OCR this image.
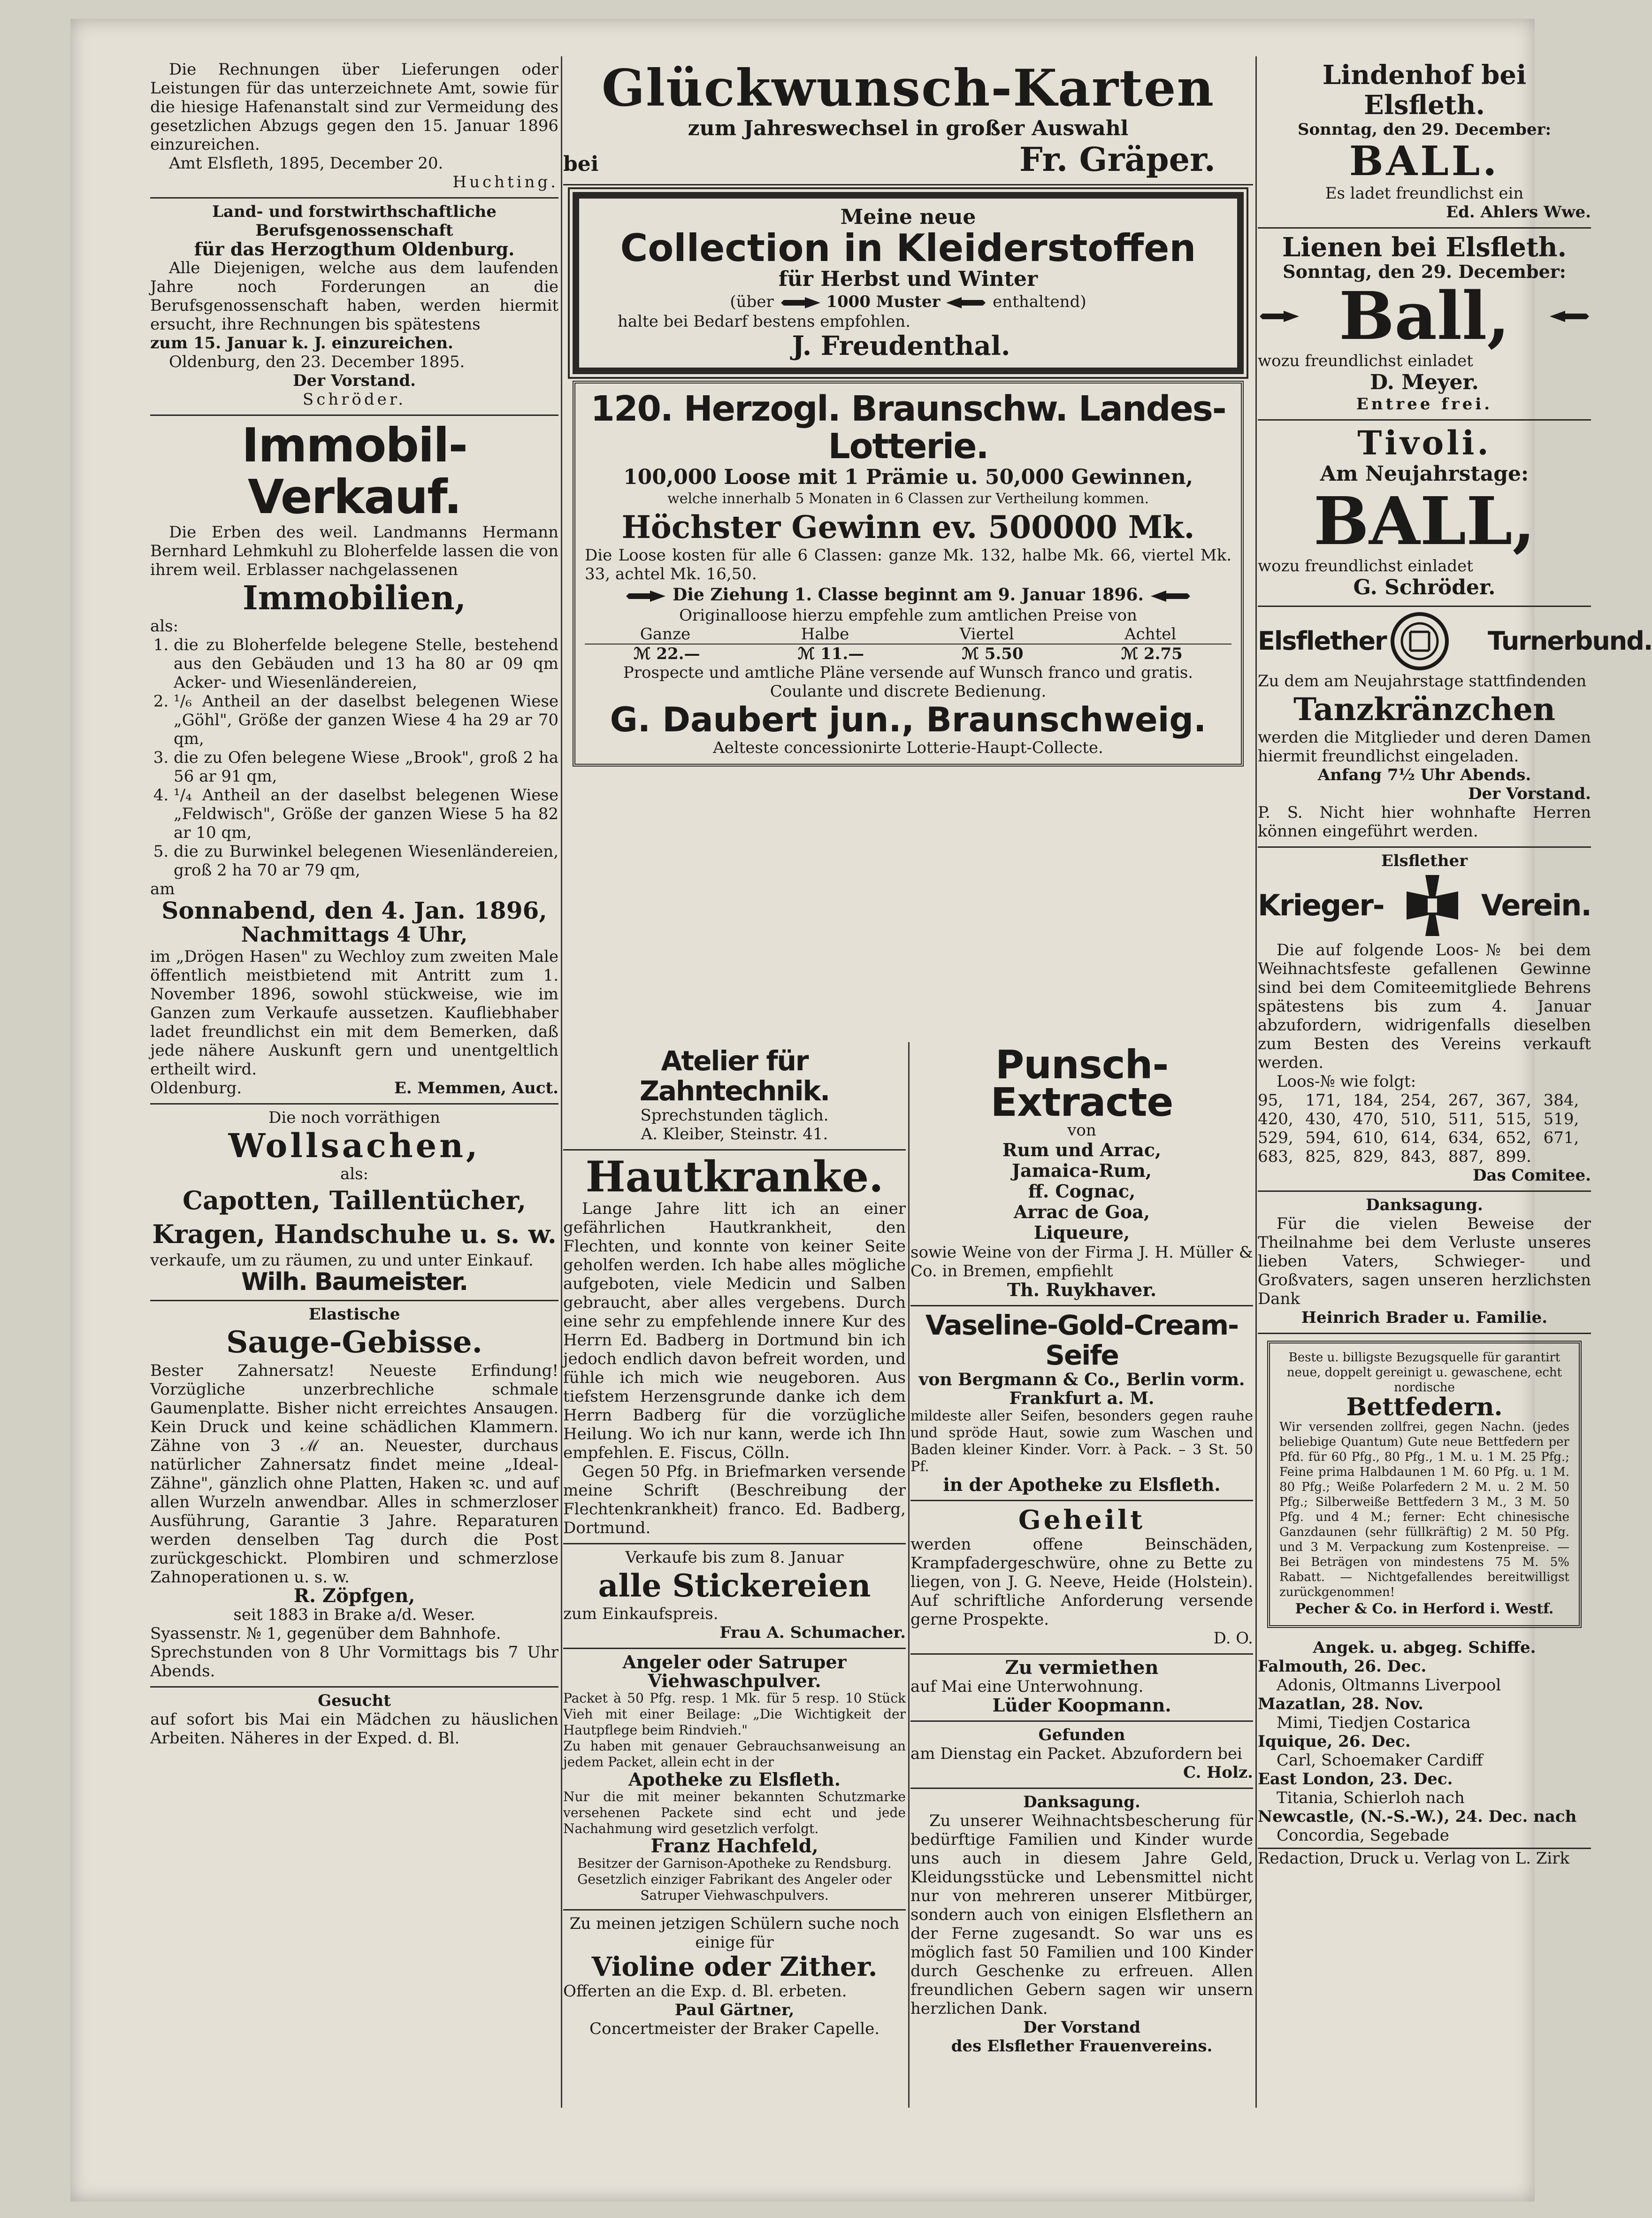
Die Rechnungen über Lieferungen oder Leistungen für das unterzeichnete Amt, sowie für die hiesige Hafenanstalt sind zur Vermeidung des gesetzlichen Abzugs gegen den 15. Januar 1896 einzureichen.

Amt Elsfleth, 1895, December 20.

Huchting.

Land- und forstwirthschaftliche Berufsgenossenschaft

für das Herzogthum Oldenburg.

Alle Diejenigen, welche aus dem laufenden Jahre noch Forderungen an die Berufsgenossenschaft haben, werden hiermit ersucht, ihre Rechnungen bis spätestens

zum 15. Januar k. J. einzureichen.

Oldenburg, den 23. December 1895.

Der Vorstand.

Schröder.

Immobil-Verkauf.

Die Erben des weil. Landmanns Hermann Bernhard Lehmkuhl zu Bloherfelde lassen die von ihrem weil. Erblasser nachgelassenen

Immobilien,

als:

1. die zu Bloherfelde belegene Stelle, bestehend aus den Gebäuden und 13 ha 80 ar 09 qm Acker- und Wiesenländereien,
2. ¹/₆ Antheil an der daselbst belegenen Wiese „Göhl", Größe der ganzen Wiese 4 ha 29 ar 70 qm,
3. die zu Ofen belegene Wiese „Brook", groß 2 ha 56 ar 91 qm,
4. ¹/₄ Antheil an der daselbst belegenen Wiese „Feldwisch", Größe der ganzen Wiese 5 ha 82 ar 10 qm,
5. die zu Burwinkel belegenen Wiesenländereien, groß 2 ha 70 ar 79 qm,

am

Sonnabend, den 4. Jan. 1896,

Nachmittags 4 Uhr,

im „Drögen Hasen" zu Wechloy zum zweiten Male öffentlich meistbietend mit Antritt zum 1. November 1896, sowohl stückweise, wie im Ganzen zum Verkaufe aussetzen. Kaufliebhaber ladet freundlichst ein mit dem Bemerken, daß jede nähere Auskunft gern und unentgeltlich ertheilt wird.

Oldenburg.	E. Memmen, Auct.

Die noch vorräthigen

Wollsachen,

als:

Capotten, Taillentücher, Kragen, Handschuhe u. s. w.

verkaufe, um zu räumen, zu und unter Einkauf.

Wilh. Baumeister.

Elastische

Sauge-Gebisse.

Bester Zahnersatz! Neueste Erfindung! Vorzügliche unzerbrechliche schmale Gaumenplatte. Bisher nicht erreichtes Ansaugen. Kein Druck und keine schädlichen Klammern. Zähne von 3 ℳ an. Neuester, durchaus natürlicher Zahnersatz findet meine „Ideal-Zähne", gänzlich ohne Platten, Haken ꝛc. und auf allen Wurzeln anwendbar. Alles in schmerzloser Ausführung, Garantie 3 Jahre. Reparaturen werden denselben Tag durch die Post zurückgeschickt. Plombiren und schmerzlose Zahnoperationen u. s. w.

R. Zöpfgen,

seit 1883 in Brake a/d. Weser.

Syassenstr. № 1, gegenüber dem Bahnhofe.

Sprechstunden von 8 Uhr Vormittags bis 7 Uhr Abends.

Gesucht

auf sofort bis Mai ein Mädchen zu häuslichen Arbeiten. Näheres in der Exped. d. Bl.

Glückwunsch-Karten

zum Jahreswechsel in großer Auswahl

bei	Fr. Gräper.

Meine neue

Collection in Kleiderstoffen

für Herbst und Winter

(über	1000 Muster	enthaltend)

halte bei Bedarf bestens empfohlen.

J. Freudenthal.

120. Herzogl. Braunschw. Landes-Lotterie.

100,000 Loose mit 1 Prämie u. 50,000 Gewinnen,

welche innerhalb 5 Monaten in 6 Classen zur Vertheilung kommen.

Höchster Gewinn ev. 500000 Mk.

Die Loose kosten für alle 6 Classen: ganze Mk. 132, halbe Mk. 66, viertel Mk. 33, achtel Mk. 16,50.

Die Ziehung 1. Classe beginnt am 9. Januar 1896.

Originalloose hierzu empfehle zum amtlichen Preise von

Ganze	Halbe	Viertel	Achtel
ℳ 22.—	ℳ 11.—	ℳ 5.50	ℳ 2.75

Prospecte und amtliche Pläne versende auf Wunsch franco und gratis.

Coulante und discrete Bedienung.

G. Daubert jun., Braunschweig.

Aelteste concessionirte Lotterie-Haupt-Collecte.

Atelier für Zahntechnik.

Sprechstunden täglich.

A. Kleiber, Steinstr. 41.

Hautkranke.

Lange Jahre litt ich an einer gefährlichen Hautkrankheit, den Flechten, und konnte von keiner Seite geholfen werden. Ich habe alles mögliche aufgeboten, viele Medicin und Salben gebraucht, aber alles vergebens. Durch eine sehr zu empfehlende innere Kur des Herrn Ed. Badberg in Dortmund bin ich jedoch endlich davon befreit worden, und fühle ich mich wie neugeboren. Aus tiefstem Herzensgrunde danke ich dem Herrn Badberg für die vorzügliche Heilung. Wo ich nur kann, werde ich Ihn empfehlen. E. Fiscus, Cölln.

Gegen 50 Pfg. in Briefmarken versende meine Schrift (Beschreibung der Flechtenkrankheit) franco. Ed. Badberg, Dortmund.

Verkaufe bis zum 8. Januar

alle Stickereien

zum Einkaufspreis.

Frau A. Schumacher.

Angeler oder Satruper Viehwaschpulver.

Packet à 50 Pfg. resp. 1 Mk. für 5 resp. 10 Stück Vieh mit einer Beilage: „Die Wichtigkeit der Hautpflege beim Rindvieh."

Zu haben mit genauer Gebrauchsanweisung an jedem Packet, allein echt in der

Apotheke zu Elsfleth.

Nur die mit meiner bekannten Schutzmarke versehenen Packete sind echt und jede Nachahmung wird gesetzlich verfolgt.

Franz Hachfeld,

Besitzer der Garnison-Apotheke zu Rendsburg. Gesetzlich einziger Fabrikant des Angeler oder Satruper Viehwaschpulvers.

Zu meinen jetzigen Schülern suche noch einige für

Violine oder Zither.

Offerten an die Exp. d. Bl. erbeten.

Paul Gärtner,

Concertmeister der Braker Capelle.

Punsch-Extracte

von

Rum und Arrac,

Jamaica-Rum,

ff. Cognac,

Arrac de Goa,

Liqueure,

sowie Weine von der Firma J. H. Müller & Co. in Bremen, empfiehlt

Th. Ruykhaver.

Vaseline-Gold-Cream-Seife

von Bergmann & Co., Berlin vorm. Frankfurt a. M.

mildeste aller Seifen, besonders gegen rauhe und spröde Haut, sowie zum Waschen und Baden kleiner Kinder. Vorr. à Pack. – 3 St. 50 Pf.

in der Apotheke zu Elsfleth.

Geheilt

werden offene Beinschäden, Krampfadergeschwüre, ohne zu Bette zu liegen, von J. G. Neeve, Heide (Holstein). Auf schriftliche Anforderung versende gerne Prospekte.

D. O.

Zu vermiethen

auf Mai eine Unterwohnung.

Lüder Koopmann.

Gefunden

am Dienstag ein Packet. Abzufordern bei

C. Holz.

Danksagung.

Zu unserer Weihnachtsbescherung für bedürftige Familien und Kinder wurde uns auch in diesem Jahre Geld, Kleidungsstücke und Lebensmittel nicht nur von mehreren unserer Mitbürger, sondern auch von einigen Elsflethern an der Ferne zugesandt. So war uns es möglich fast 50 Familien und 100 Kinder durch Geschenke zu erfreuen. Allen freundlichen Gebern sagen wir unsern herzlichen Dank.

Der Vorstand

des Elsflether Frauenvereins.

Lindenhof bei Elsfleth.

Sonntag, den 29. December:

BALL.

Es ladet freundlichst ein

Ed. Ahlers Wwe.

Lienen bei Elsfleth.

Sonntag, den 29. December:

Ball,

wozu freundlichst einladet

D. Meyer.

Entree frei.

Tivoli.

Am Neujahrstage:

BALL,

wozu freundlichst einladet

G. Schröder.

Elsflether	Turnerbund.

Zu dem am Neujahrstage stattfindenden

Tanzkränzchen

werden die Mitglieder und deren Damen hiermit freundlichst eingeladen.

Anfang 7½ Uhr Abends.

Der Vorstand.

P. S. Nicht hier wohnhafte Herren können eingeführt werden.

Elsflether

Krieger-	Verein.

Die auf folgende Loos-№ bei dem Weihnachtsfeste gefallenen Gewinne sind bei dem Comiteemitgliede Behrens spätestens bis zum 4. Januar abzufordern, widrigenfalls dieselben zum Besten des Vereins verkauft werden.

Loos-№ wie folgt:

95,	171, 184, 254, 267, 367, 384,
420, 430, 470, 510, 511, 515, 519,
529, 594, 610, 614, 634, 652, 671,
683, 825, 829, 843, 887, 899.

Das Comitee.

Danksagung.

Für die vielen Beweise der Theilnahme bei dem Verluste unseres lieben Vaters, Schwieger- und Großvaters, sagen unseren herzlichsten Dank

Heinrich Brader u. Familie.

Beste u. billigste Bezugsquelle für garantirt neue, doppelt gereinigt u. gewaschene, echt nordische

Bettfedern.

Wir versenden zollfrei, gegen Nachn. (jedes beliebige Quantum) Gute neue Bettfedern per Pfd. für 60 Pfg., 80 Pfg., 1 M. u. 1 M. 25 Pfg.; Feine prima Halbdaunen 1 M. 60 Pfg. u. 1 M. 80 Pfg.; Weiße Polarfedern 2 M. u. 2 M. 50 Pfg.; Silberweiße Bettfedern 3 M., 3 M. 50 Pfg. und 4 M.; ferner: Echt chinesische Ganzdaunen (sehr füllkräftig) 2 M. 50 Pfg. und 3 M. Verpackung zum Kostenpreise. — Bei Beträgen von mindestens 75 M. 5% Rabatt. — Nichtgefallendes bereitwilligst zurückgenommen!

Pecher & Co. in Herford i. Westf.

Angek. u. abgeg. Schiffe.

Falmouth, 26. Dec.

Adonis, Oltmanns Liverpool

Mazatlan, 28. Nov.

Mimi, Tiedjen Costarica

Iquique, 26. Dec.

Carl, Schoemaker Cardiff

East London, 23. Dec.

Titania, Schierloh nach

Newcastle, (N.-S.-W.), 24. Dec. nach

Concordia, Segebade

Redaction, Druck u. Verlag von L. Zirk
